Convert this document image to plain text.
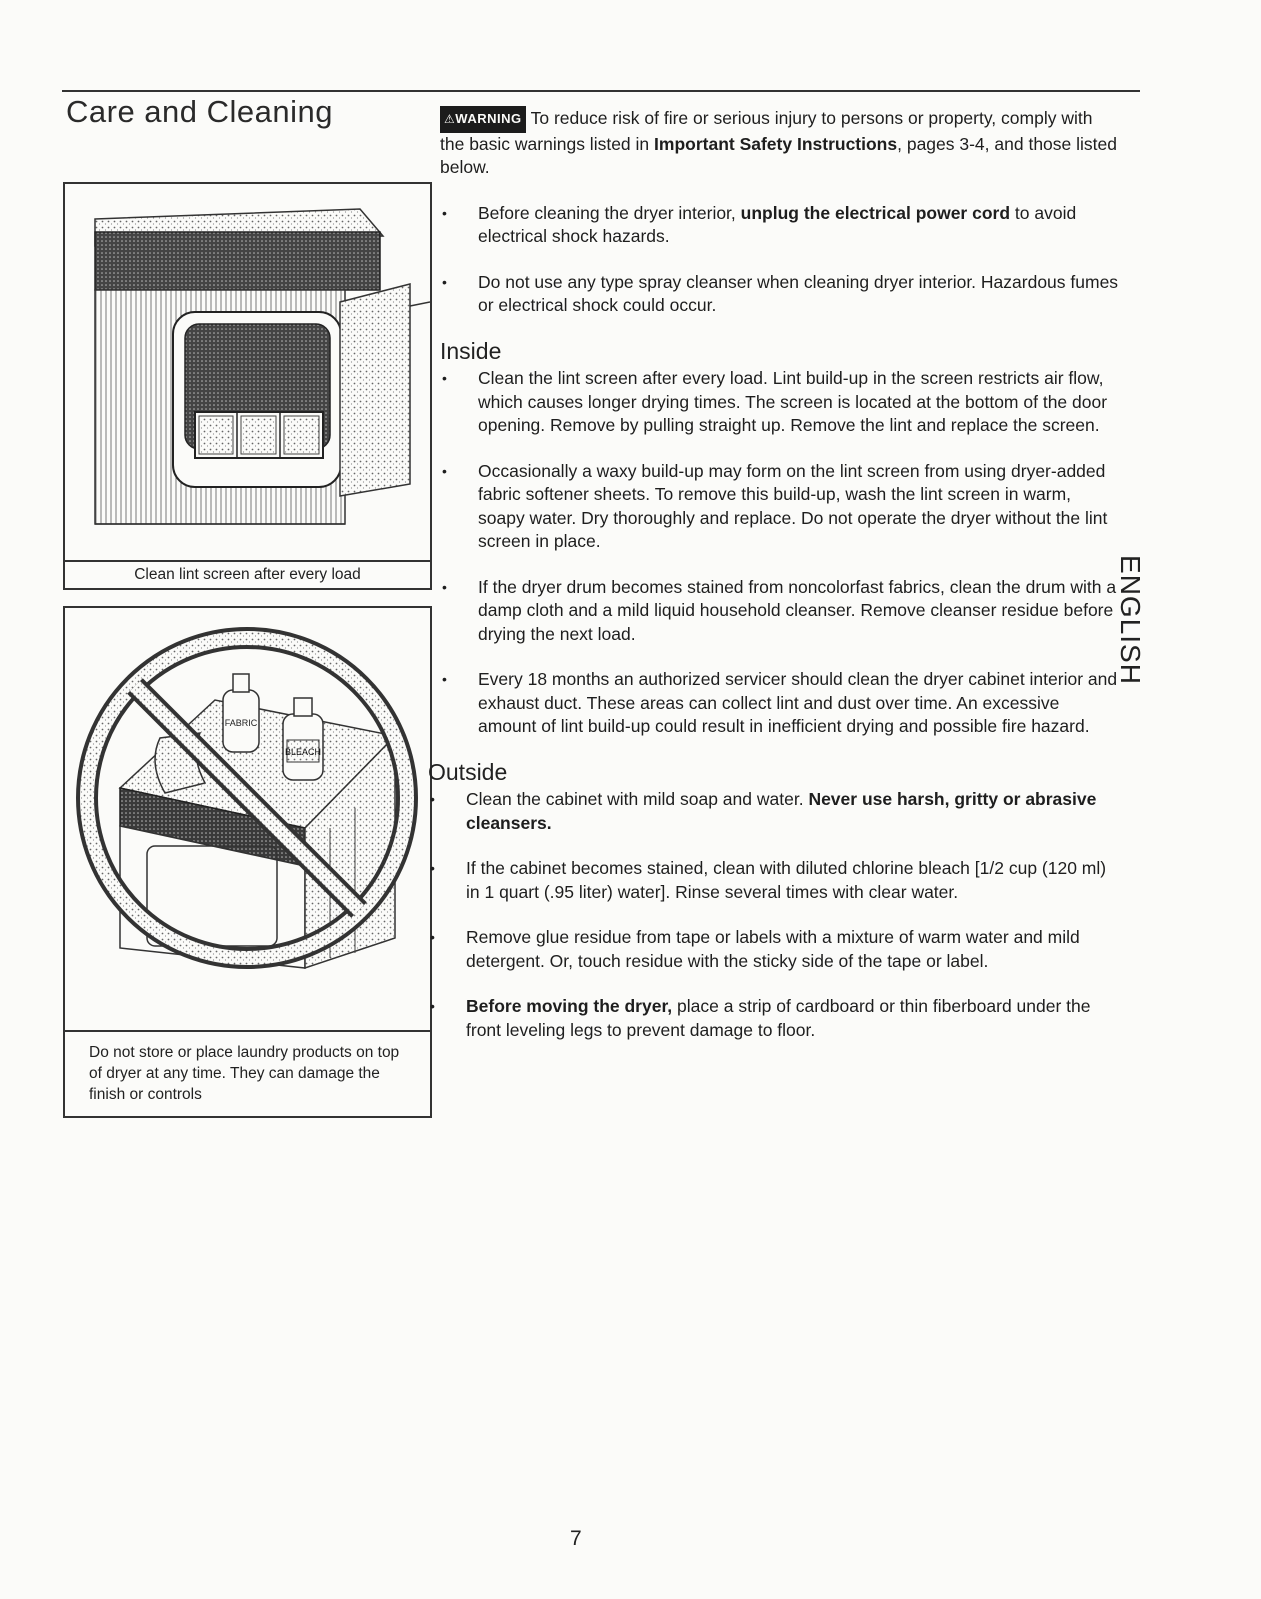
Care and Cleaning
Clean lint screen after every load
FABRIC
BLEACH
Do not store or place laundry products on top of dryer at any time. They can damage the finish or controls

⚠WARNING To reduce risk of fire or serious injury to persons or property, comply with the basic warnings listed in Important Safety Instructions, pages 3-4, and those listed below.

• Before cleaning the dryer interior, unplug the electrical power cord to avoid electrical shock hazards.
• Do not use any type spray cleanser when cleaning dryer interior. Hazardous fumes or electrical shock could occur.
Inside
• Clean the lint screen after every load. Lint build-up in the screen restricts air flow, which causes longer drying times. The screen is located at the bottom of the door opening. Remove by pulling straight up. Remove the lint and replace the screen.
• Occasionally a waxy build-up may form on the lint screen from using dryer-added fabric softener sheets. To remove this build-up, wash the lint screen in warm, soapy water. Dry thoroughly and replace. Do not operate the dryer without the lint screen in place.
• If the dryer drum becomes stained from noncolorfast fabrics, clean the drum with a damp cloth and a mild liquid household cleanser. Remove cleanser residue before drying the next load.
• Every 18 months an authorized servicer should clean the dryer cabinet interior and exhaust duct. These areas can collect lint and dust over time. An excessive amount of lint build-up could result in inefficient drying and possible fire hazard.
Outside
• Clean the cabinet with mild soap and water. Never use harsh, gritty or abrasive cleansers.
• If the cabinet becomes stained, clean with diluted chlorine bleach [1/2 cup (120 ml) in 1 quart (.95 liter) water]. Rinse several times with clear water.
• Remove glue residue from tape or labels with a mixture of warm water and mild detergent. Or, touch residue with the sticky side of the tape or label.
• Before moving the dryer, place a strip of cardboard or thin fiberboard under the front leveling legs to prevent damage to floor.
ENGLISH
7
